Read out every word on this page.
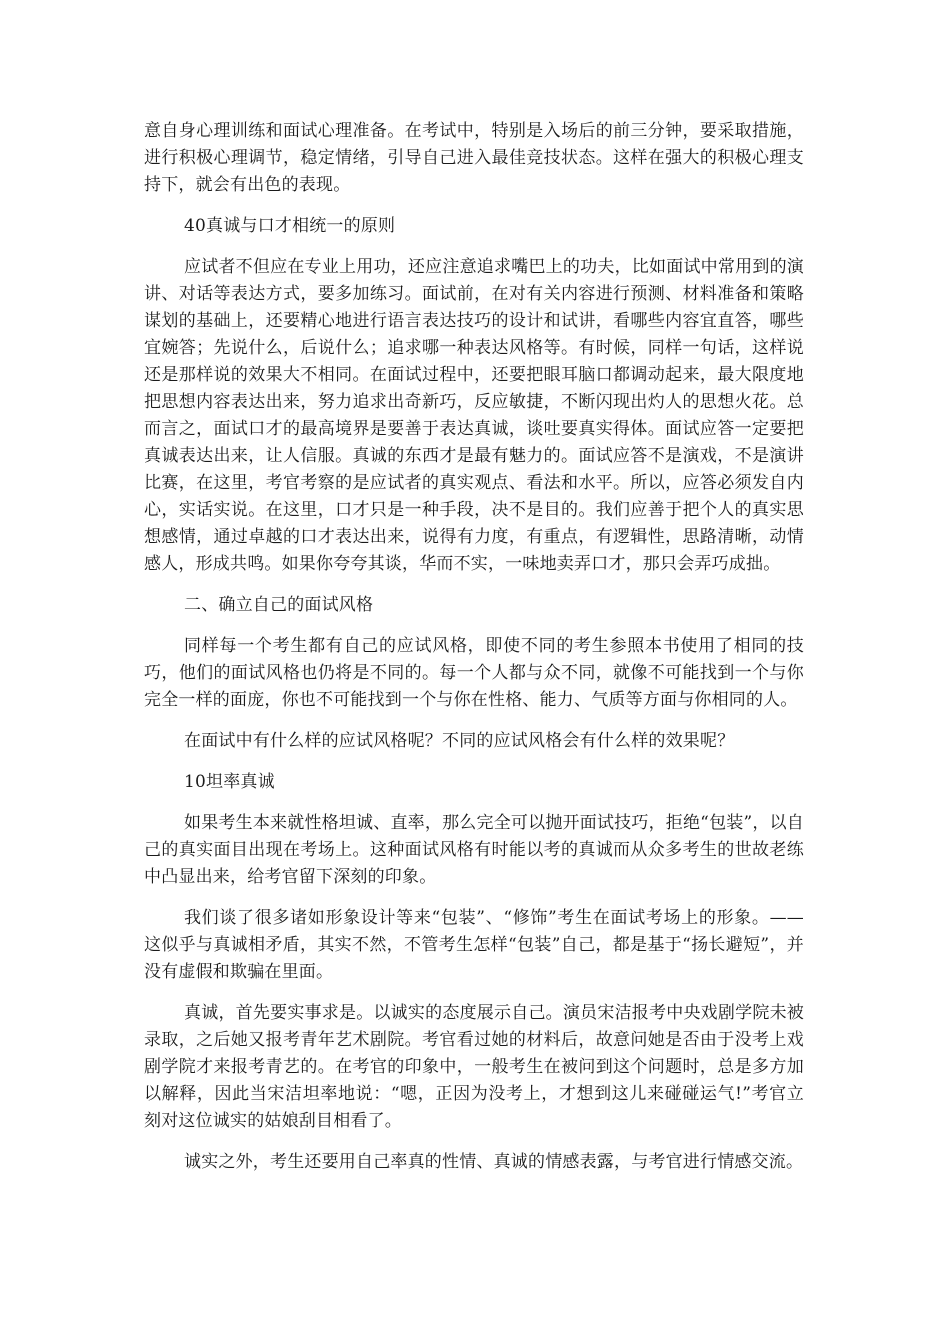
意自身心理训练和面试心理准备。在考试中，特别是入场后的前三分钟，要采取措施，进行积极心理调节，稳定情绪，引导自己进入最佳竞技状态。这样在强大的积极心理支持下，就会有出色的表现。

40真诚与口才相统一的原则

应试者不但应在专业上用功，还应注意追求嘴巴上的功夫，比如面试中常用到的演讲、对话等表达方式，要多加练习。面试前，在对有关内容进行预测、材料准备和策略谋划的基础上，还要精心地进行语言表达技巧的设计和试讲，看哪些内容宜直答，哪些宜婉答；先说什么，后说什么；追求哪一种表达风格等。有时候，同样一句话，这样说还是那样说的效果大不相同。在面试过程中，还要把眼耳脑口都调动起来，最大限度地把思想内容表达出来，努力追求出奇新巧，反应敏捷，不断闪现出灼人的思想火花。总而言之，面试口才的最高境界是要善于表达真诚，谈吐要真实得体。面试应答一定要把真诚表达出来，让人信服。真诚的东西才是最有魅力的。面试应答不是演戏，不是演讲比赛，在这里，考官考察的是应试者的真实观点、看法和水平。所以，应答必须发自内心，实话实说。在这里，口才只是一种手段，决不是目的。我们应善于把个人的真实思想感情，通过卓越的口才表达出来，说得有力度，有重点，有逻辑性，思路清晰，动情感人，形成共鸣。如果你夸夸其谈，华而不实，一味地卖弄口才，那只会弄巧成拙。

二、确立自己的面试风格

同样每一个考生都有自己的应试风格，即使不同的考生参照本书使用了相同的技巧，他们的面试风格也仍将是不同的。每一个人都与众不同，就像不可能找到一个与你完全一样的面庞，你也不可能找到一个与你在性格、能力、气质等方面与你相同的人。

在面试中有什么样的应试风格呢？不同的应试风格会有什么样的效果呢？

10坦率真诚

如果考生本来就性格坦诚、直率，那么完全可以抛开面试技巧，拒绝“包装”，以自己的真实面目出现在考场上。这种面试风格有时能以考的真诚而从众多考生的世故老练中凸显出来，给考官留下深刻的印象。

我们谈了很多诸如形象设计等来“包装”、“修饰”考生在面试考场上的形象。——这似乎与真诚相矛盾，其实不然，不管考生怎样“包装”自己，都是基于“扬长避短”，并没有虚假和欺骗在里面。

真诚，首先要实事求是。以诚实的态度展示自己。演员宋洁报考中央戏剧学院未被录取，之后她又报考青年艺术剧院。考官看过她的材料后，故意问她是否由于没考上戏剧学院才来报考青艺的。在考官的印象中，一般考生在被问到这个问题时，总是多方加以解释，因此当宋洁坦率地说：“嗯，正因为没考上，才想到这儿来碰碰运气!”考官立刻对这位诚实的姑娘刮目相看了。

诚实之外，考生还要用自己率真的性情、真诚的情感表露，与考官进行情感交流。
